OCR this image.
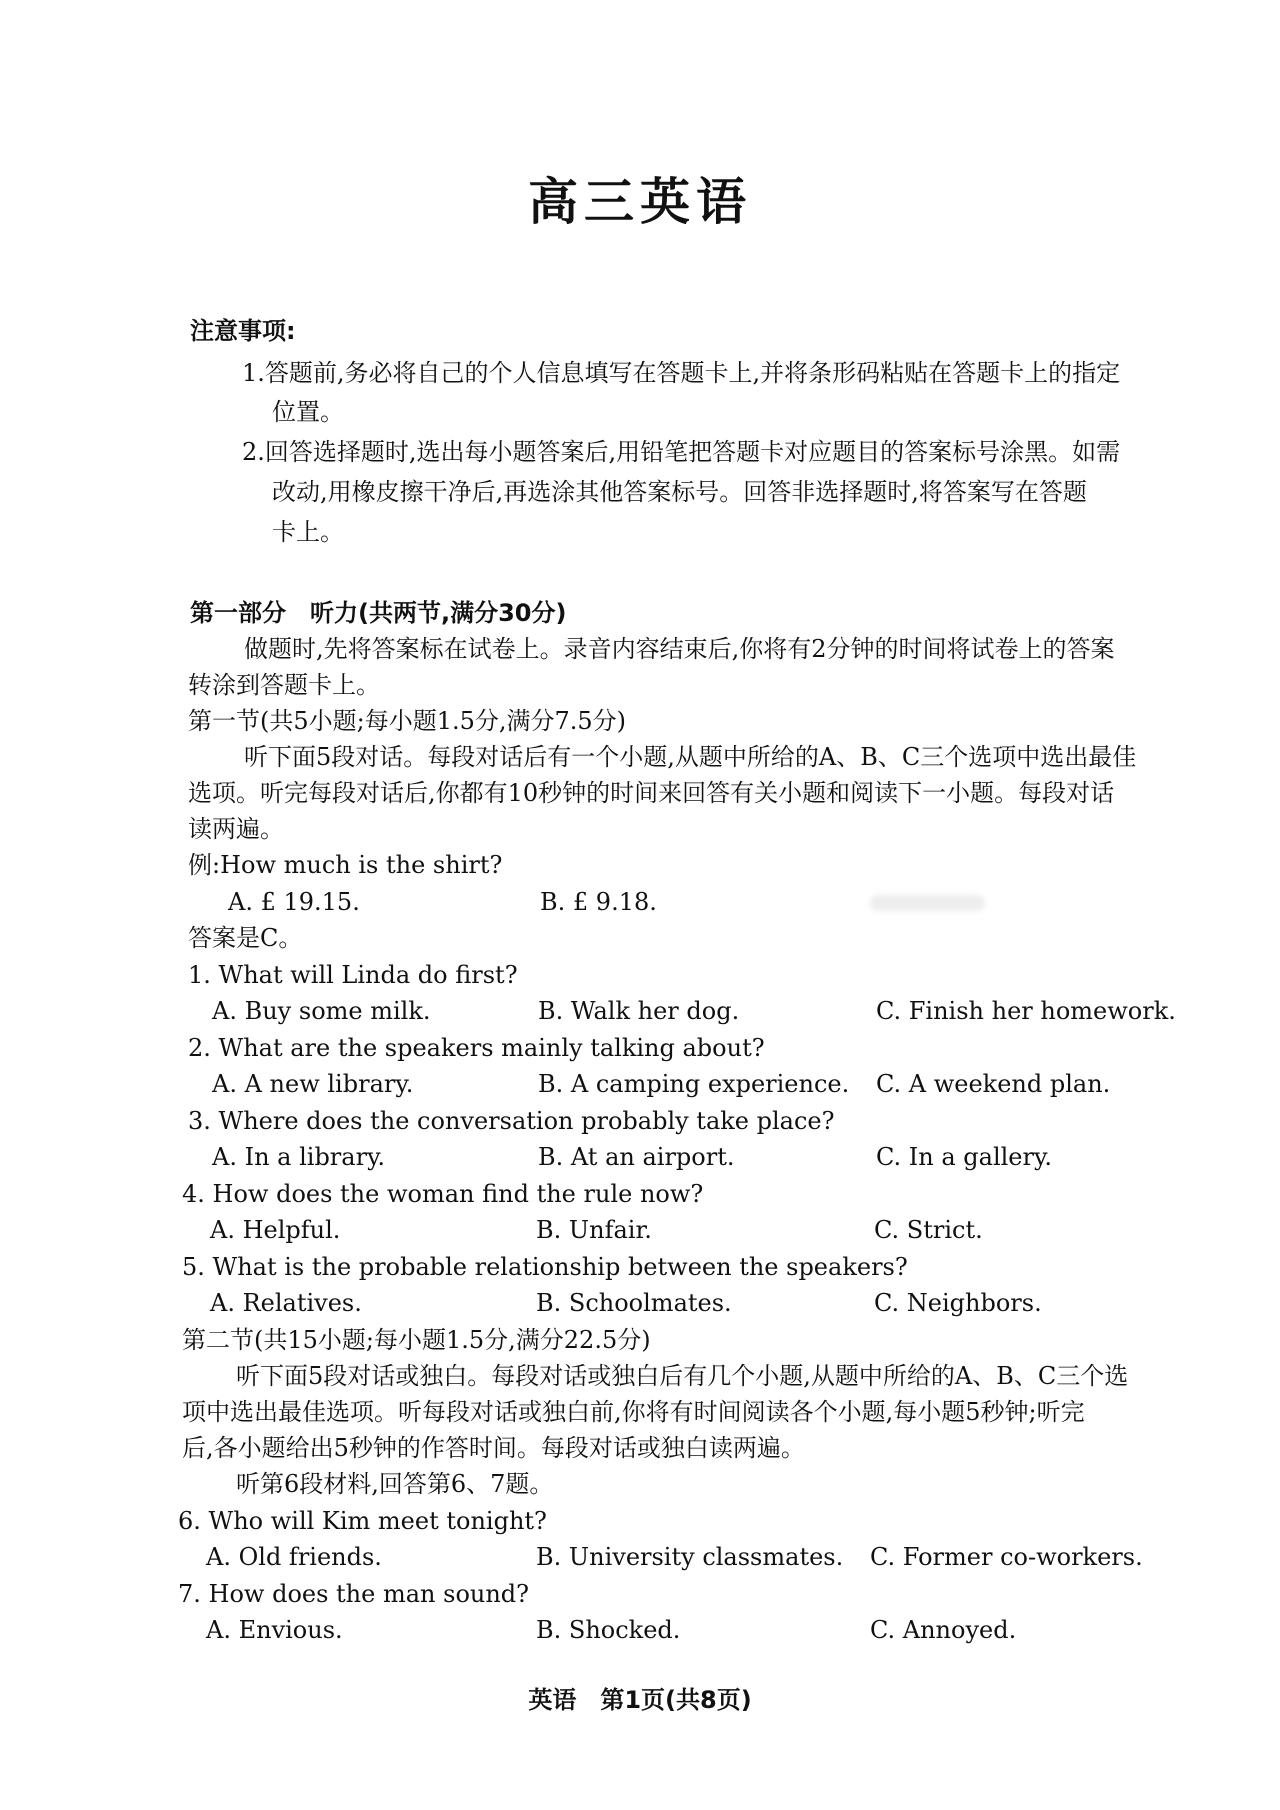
高三英语
注意事项:
1.答题前,务必将自己的个人信息填写在答题卡上,并将条形码粘贴在答题卡上的指定
位置。
2.回答选择题时,选出每小题答案后,用铅笔把答题卡对应题目的答案标号涂黑。如需
改动,用橡皮擦干净后,再选涂其他答案标号。回答非选择题时,将答案写在答题
卡上。
第一部分　听力(共两节,满分30分)
做题时,先将答案标在试卷上。录音内容结束后,你将有2分钟的时间将试卷上的答案
转涂到答题卡上。
第一节(共5小题;每小题1.5分,满分7.5分)
听下面5段对话。每段对话后有一个小题,从题中所给的A、B、C三个选项中选出最佳
选项。听完每段对话后,你都有10秒钟的时间来回答有关小题和阅读下一小题。每段对话
读两遍。
例:How much is the shirt?
A. £ 19.15.	B. £ 9.18.
答案是C。
1. What will Linda do first?
A. Buy some milk.	B. Walk her dog.	C. Finish her homework.
2. What are the speakers mainly talking about?
A. A new library.	B. A camping experience. C. A weekend plan.
3. Where does the conversation probably take place?
A. In a library.	B. At an airport.	C. In a gallery.
4. How does the woman find the rule now?
A. Helpful.	B. Unfair.	C. Strict.
5. What is the probable relationship between the speakers?
A. Relatives.	B. Schoolmates.	C. Neighbors.
第二节(共15小题;每小题1.5分,满分22.5分)
听下面5段对话或独白。每段对话或独白后有几个小题,从题中所给的A、B、C三个选
项中选出最佳选项。听每段对话或独白前,你将有时间阅读各个小题,每小题5秒钟;听完
后,各小题给出5秒钟的作答时间。每段对话或独白读两遍。
听第6段材料,回答第6、7题。
6. Who will Kim meet tonight?
A. Old friends.	B. University classmates. C. Former co-workers.
7. How does the man sound?
A. Envious.	B. Shocked.	C. Annoyed.
英语　第1页(共8页)
